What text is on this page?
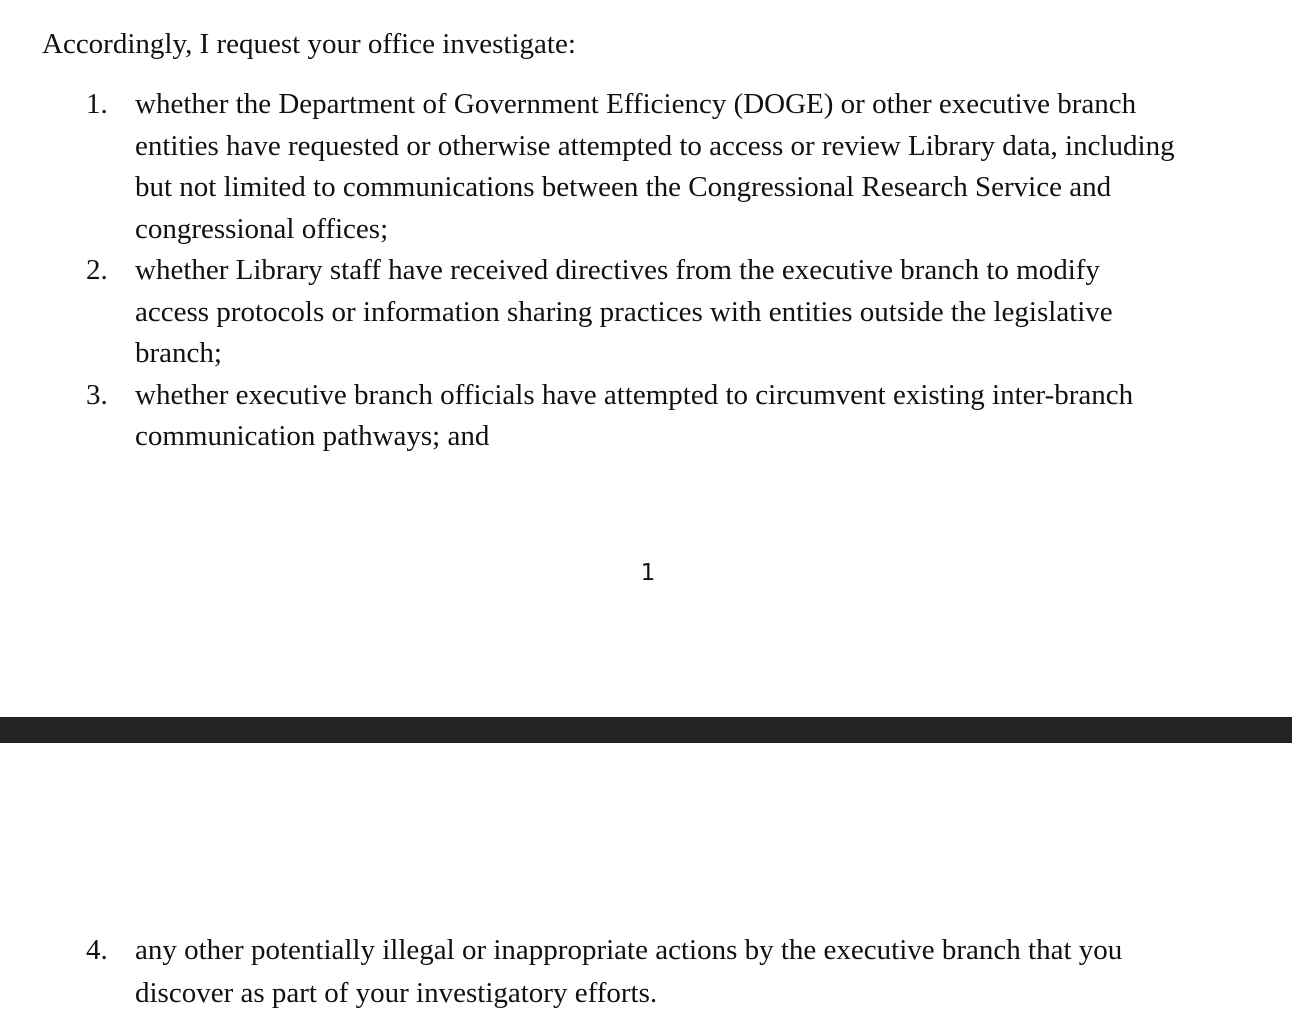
Accordingly, I request your office investigate:
1. whether the Department of Government Efficiency (DOGE) or other executive branch
entities have requested or otherwise attempted to access or review Library data, including
but not limited to communications between the Congressional Research Service and
congressional offices;
2. whether Library staff have received directives from the executive branch to modify
access protocols or information sharing practices with entities outside the legislative
branch;
3. whether executive branch officials have attempted to circumvent existing inter-branch
communication pathways; and
1
4. any other potentially illegal or inappropriate actions by the executive branch that you
discover as part of your investigatory efforts.
